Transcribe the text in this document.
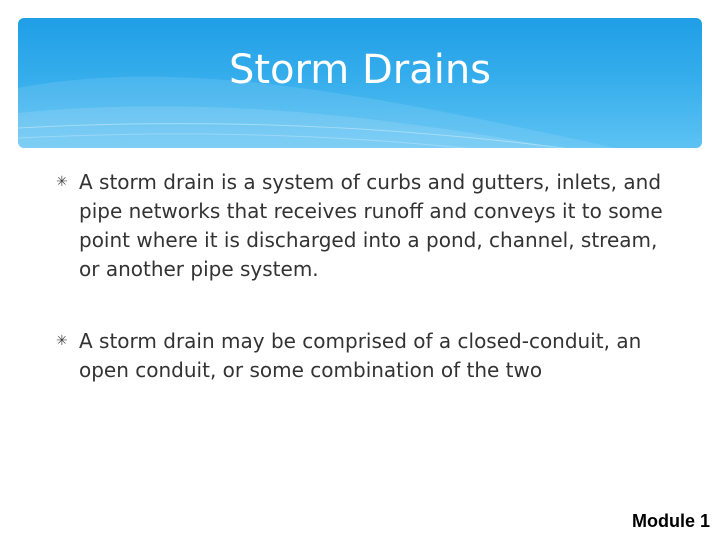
Storm Drains
✳ A storm drain is a system of curbs and gutters, inlets, and pipe networks that receives runoff and conveys it to some point where it is discharged into a pond, channel, stream, or another pipe system.
✳ A storm drain may be comprised of a closed-conduit, an open conduit, or some combination of the two
Module 1
